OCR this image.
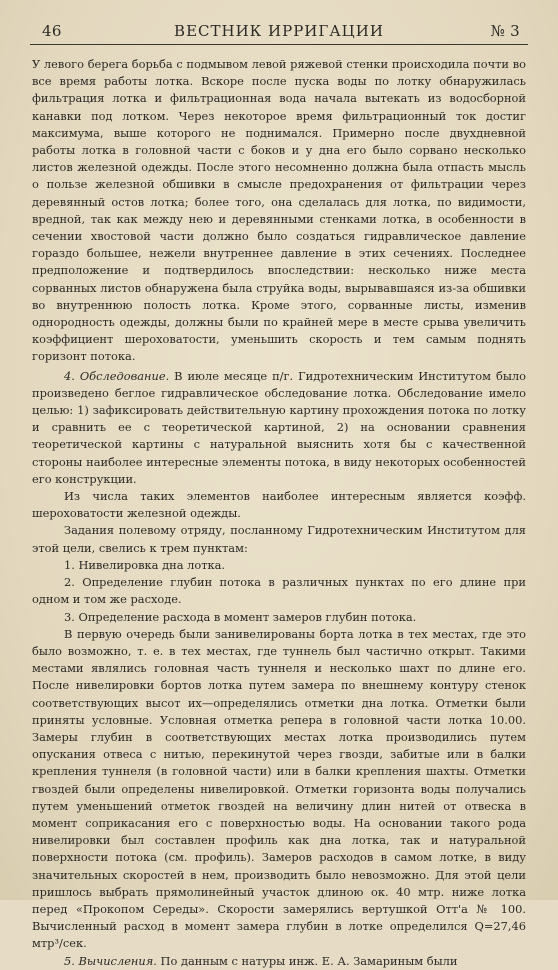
46	ВЕСТНИК ИРРИГАЦИИ	№ 3

У левого берега борьба с подмывом левой ряжевой стенки происходила почти во все время работы лотка. Вскоре после пуска воды по лотку обнаружилась фильтрация лотка и фильтрационная вода начала вытекать из водосборной канавки под лотком. Через некоторое время фильтрационный ток достиг максимума, выше которого не поднимался. Примерно после двухдневной работы лотка в головной части с боков и у дна его было сорвано несколько листов железной одежды. После этого несомненно должна была отпасть мысль о пользе железной обшивки в смысле предохранения от фильтрации через деревянный остов лотка; более того, она сделалась для лотка, по видимости, вредной, так как между нею и деревянными стенками лотка, в особенности в сечении хвостовой части должно было создаться гидравлическое давление гораздо большее, нежели внутреннее давление в этих сечениях. Последнее предположение и подтвердилось впоследствии: несколько ниже места сорванных листов обнаружена была струйка воды, вырывавшаяся из-за обшивки во внутреннюю полость лотка. Кроме этого, сорванные листы, изменив однородность одежды, должны были по крайней мере в месте срыва увеличить коэффициент шероховатости, уменьшить скорость и тем самым поднять горизонт потока.

4. Обследование. В июле месяце п/г. Гидротехническим Институтом было произведено беглое гидравлическое обследование лотка. Обследование имело целью: 1) зафиксировать действительную картину прохождения потока по лотку и сравнить ее с теоретической картиной, 2) на основании сравнения теоретической картины с натуральной выяснить хотя бы с качественной стороны наиболее интересные элементы потока, в виду некоторых особенностей его конструкции.

Из числа таких элементов наиболее интересным является коэфф. шероховатости железной одежды.

Задания полевому отряду, посланному Гидротехническим Институтом для этой цели, свелись к трем пунктам:

1. Нивелировка дна лотка.

2. Определение глубин потока в различных пунктах по его длине при одном и том же расходе.

3. Определение расхода в момент замеров глубин потока.

В первую очередь были занивелированы борта лотка в тех местах, где это было возможно, т. е. в тех местах, где туннель был частично открыт. Такими местами являлись головная часть туннеля и несколько шахт по длине его. После нивелировки бортов лотка путем замера по внешнему контуру стенок соответствующих высот их—определялись отметки дна лотка. Отметки были приняты условные. Условная отметка репера в головной части лотка 10.00. Замеры глубин в соответствующих местах лотка производились путем опускания отвеса с нитью, перекинутой через гвозди, забитые или в балки крепления туннеля (в головной части) или в балки крепления шахты. Отметки гвоздей были определены нивелировкой. Отметки горизонта воды получались путем уменьшений отметок гвоздей на величину длин нитей от отвеска в момент соприкасания его с поверхностью воды. На основании такого рода нивелировки был составлен профиль как дна лотка, так и натуральной поверхности потока (см. профиль). Замеров расходов в самом лотке, в виду значительных скоростей в нем, производить было невозможно. Для этой цели пришлось выбрать прямолинейный участок длиною ок. 40 мтр. ниже лотка перед «Прокопом Середы». Скорости замерялись вертушкой Отт'а № 100. Вычисленный расход в момент замера глубин в лотке определился Q=27,46 мтр³/сек.

5. Вычисления. По данным с натуры инж. Е. А. Замариным были
